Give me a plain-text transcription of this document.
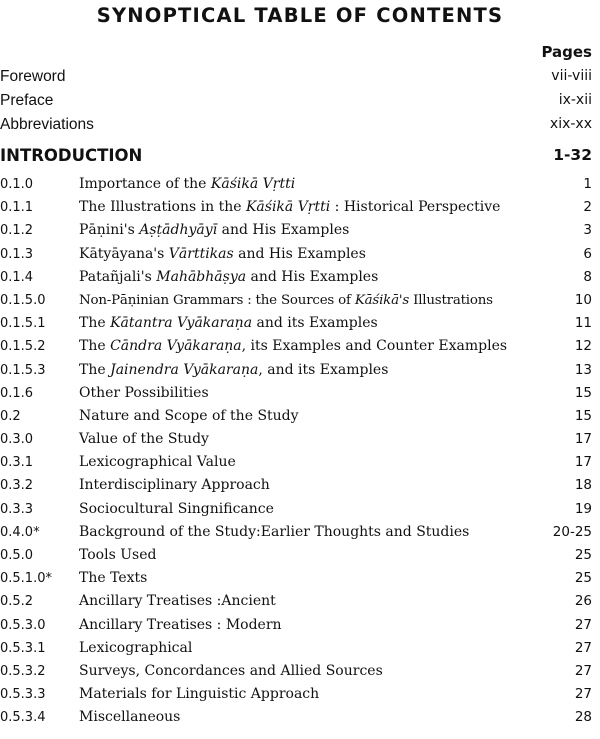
SYNOPTICAL TABLE OF CONTENTS
Pages
Foreword	vii-viii
Preface	ix-xii
Abbreviations	xix-xx
INTRODUCTION	1-32
0.1.0	Importance of the Kāśikā Vṛtti	1
0.1.1	The Illustrations in the Kāśikā Vṛtti : Historical Perspective	2
0.1.2	Pāṇini's Aṣṭādhyāyī and His Examples	3
0.1.3	Kātyāyana's Vārttikas and His Examples	6
0.1.4	Patañjali's Mahābhāṣya and His Examples	8
0.1.5.0	Non-Pāṇinian Grammars : the Sources of Kāśikā's Illustrations	10
0.1.5.1 The Kātantra Vyākaraṇa and its Examples	11
0.1.5.2 The Cāndra Vyākaraṇa, its Examples and Counter Examples	12
0.1.5.3 The Jainendra Vyākaraṇa, and its Examples	13
0.1.6	Other Possibilities	15
0.2	Nature and Scope of the Study	15
0.3.0	Value of the Study	17
0.3.1	Lexicographical Value	17
0.3.2	Interdisciplinary Approach	18
0.3.3	Sociocultural Singnificance	19
0.4.0*	Background of the Study:Earlier Thoughts and Studies	20-25
0.5.0	Tools Used	25
0.5.1.0* The Texts	25
0.5.2	Ancillary Treatises :Ancient	26
0.5.3.0 Ancillary Treatises : Modern	27
0.5.3.1 Lexicographical	27
0.5.3.2 Surveys, Concordances and Allied Sources	27
0.5.3.3 Materials for Linguistic Approach	27
0.5.3.4 Miscellaneous	28
